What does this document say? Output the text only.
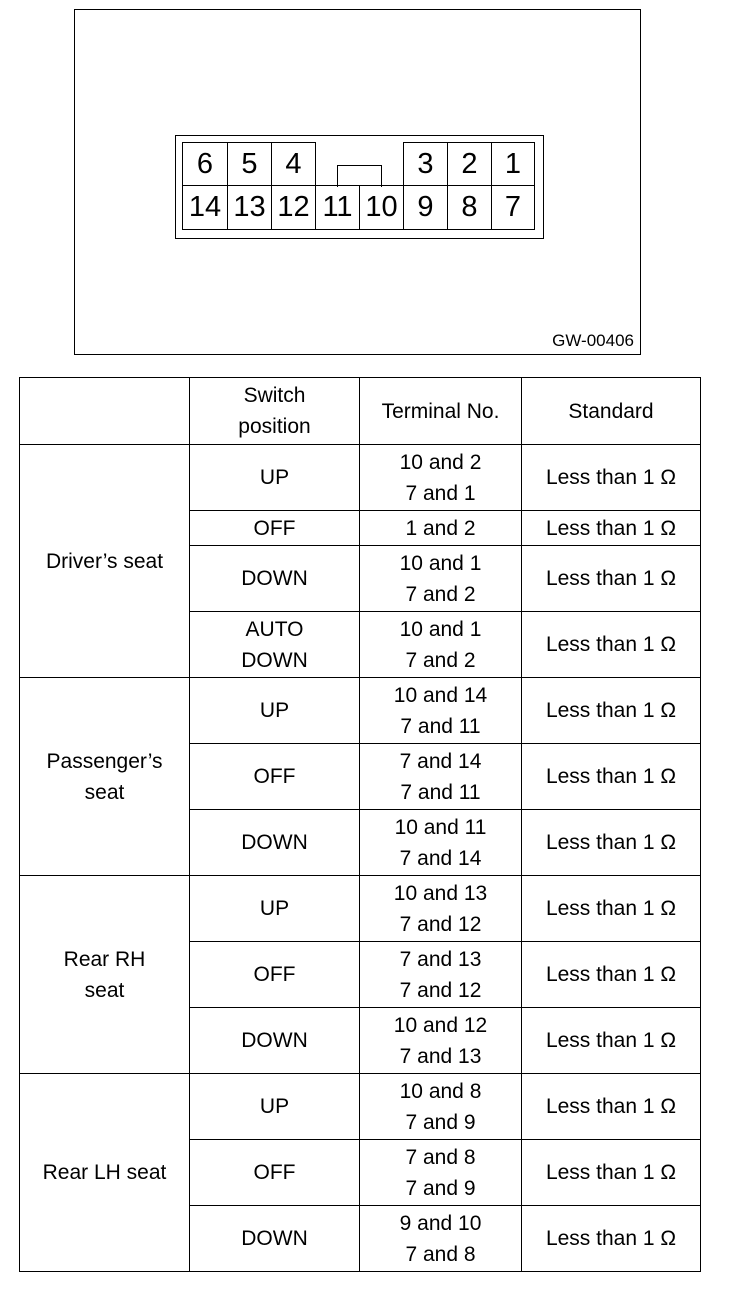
6 5 4	3 2 1
14 13 12 11 10 9 8 7
GW-00406
	Switch
position	Terminal No.	Standard
Driver’s seat	UP	10 and 2
7 and 1	Less than 1 Ω
	OFF	1 and 2	Less than 1 Ω
	DOWN	10 and 1
7 and 2	Less than 1 Ω
	AUTO
DOWN	10 and 1
7 and 2	Less than 1 Ω
Passenger’s
seat	UP	10 and 14
7 and 11	Less than 1 Ω
	OFF	7 and 14
7 and 11	Less than 1 Ω
	DOWN	10 and 11
7 and 14	Less than 1 Ω
Rear RH
seat	UP	10 and 13
7 and 12	Less than 1 Ω
	OFF	7 and 13
7 and 12	Less than 1 Ω
	DOWN	10 and 12
7 and 13	Less than 1 Ω
Rear LH seat	UP	10 and 8
7 and 9	Less than 1 Ω
	OFF	7 and 8
7 and 9	Less than 1 Ω
	DOWN	9 and 10
7 and 8	Less than 1 Ω
